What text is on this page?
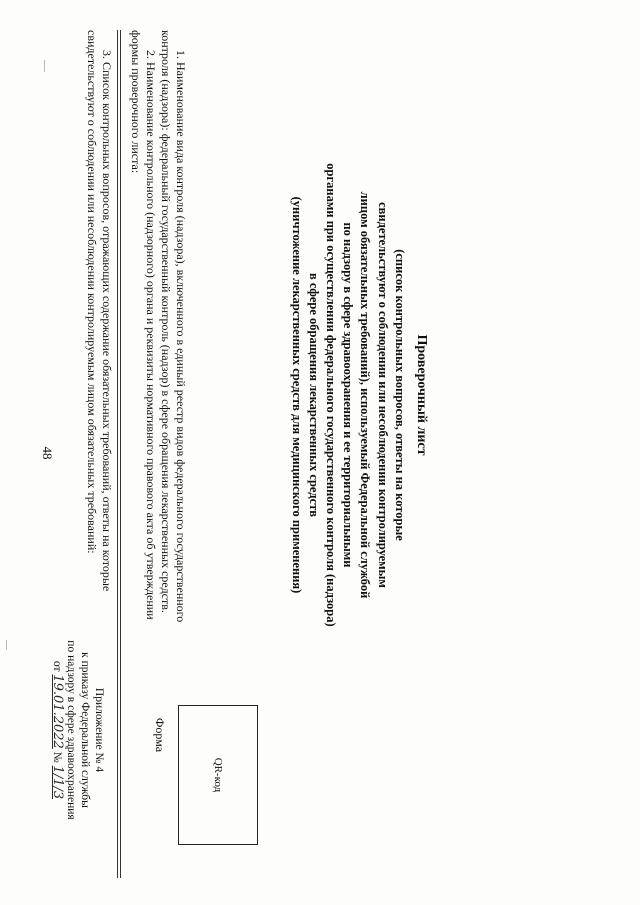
48
Приложение № 4
к приказу Федеральной службы
по надзору в сфере здравоохранения
от 19.01.2022 № 1/1/3
Форма
QR-код
Проверочный лист
(список контрольных вопросов, ответы на которые
свидетельствуют о соблюдении или несоблюдении контролируемым
лицом обязательных требований), используемый Федеральной службой
по надзору в сфере здравоохранения и ее территориальными
органами при осуществлении федерального государственного контроля (надзора)
в сфере обращения лекарственных средств
(уничтожение лекарственных средств для медицинского применения)
1. Наименование вида контроля (надзора), включенного в единый реестр видов федерального государственного
контроля (надзора): федеральный государственный контроль (надзор) в сфере обращения лекарственных средств.
2. Наименование контрольного (надзорного) органа и реквизиты нормативного правового акта об утверждении
формы проверочного листа:
3. Список контрольных вопросов, отражающих содержание обязательных требований, ответы на которые
свидетельствуют о соблюдении или несоблюдении контролируемым лицом обязательных требований:
